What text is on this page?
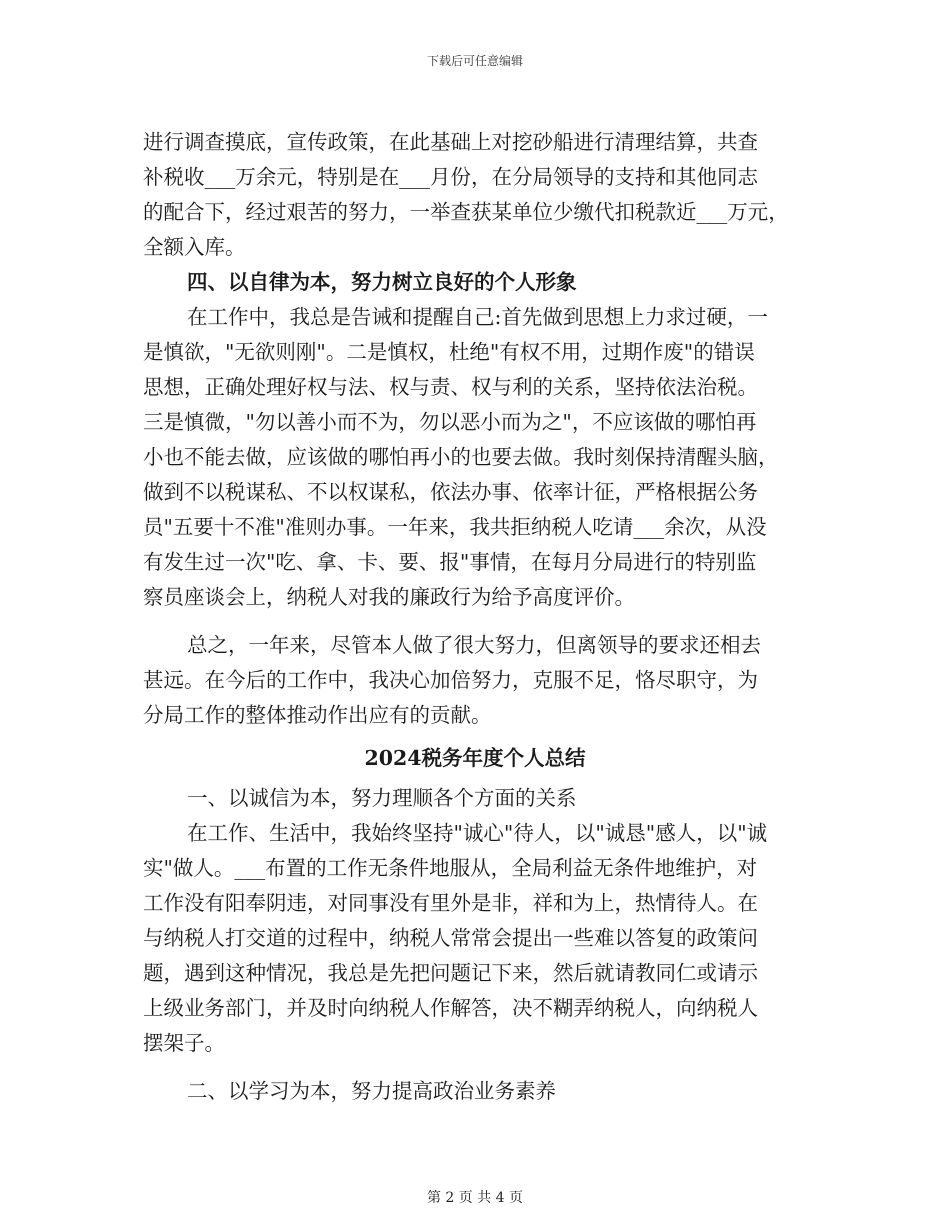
下载后可任意编辑
进行调查摸底，宣传政策，在此基础上对挖砂船进行清理结算，共查
补税收___万余元，特别是在___月份，在分局领导的支持和其他同志
的配合下，经过艰苦的努力，一举查获某单位少缴代扣税款近___万元，
全额入库。
四、以自律为本，努力树立良好的个人形象
在工作中，我总是告诫和提醒自己:首先做到思想上力求过硬，一
是慎欲，"无欲则刚"。二是慎权，杜绝"有权不用，过期作废"的错误
思想，正确处理好权与法、权与责、权与利的关系，坚持依法治税。
三是慎微，"勿以善小而不为，勿以恶小而为之"，不应该做的哪怕再
小也不能去做，应该做的哪怕再小的也要去做。我时刻保持清醒头脑，
做到不以税谋私、不以权谋私，依法办事、依率计征，严格根据公务
员"五要十不准"准则办事。一年来，我共拒纳税人吃请___余次，从没
有发生过一次"吃、拿、卡、要、报"事情，在每月分局进行的特别监
察员座谈会上，纳税人对我的廉政行为给予高度评价。
总之，一年来，尽管本人做了很大努力，但离领导的要求还相去
甚远。在今后的工作中，我决心加倍努力，克服不足，恪尽职守，为
分局工作的整体推动作出应有的贡献。
2024税务年度个人总结
一、以诚信为本，努力理顺各个方面的关系
在工作、生活中，我始终坚持"诚心"待人，以"诚恳"感人，以"诚
实"做人。___布置的工作无条件地服从，全局利益无条件地维护，对
工作没有阳奉阴违，对同事没有里外是非，祥和为上，热情待人。在
与纳税人打交道的过程中，纳税人常常会提出一些难以答复的政策问
题，遇到这种情况，我总是先把问题记下来，然后就请教同仁或请示
上级业务部门，并及时向纳税人作解答，决不糊弄纳税人，向纳税人
摆架子。
二、以学习为本，努力提高政治业务素养
第 2 页 共 4 页
